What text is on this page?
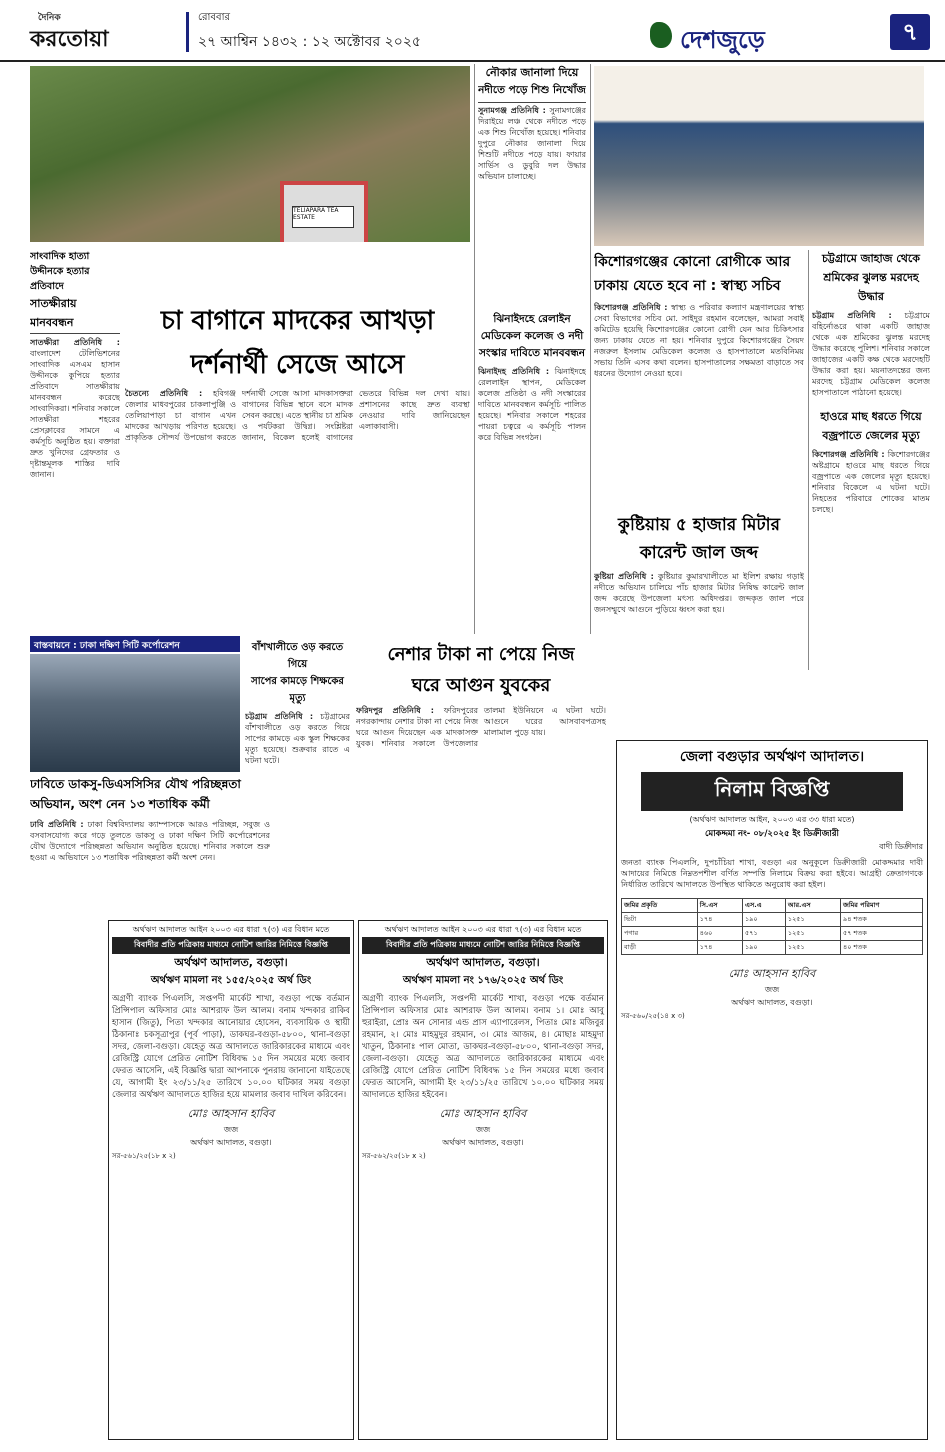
দৈনিক
করতোয়া
রোববার
২৭ আশ্বিন ১৪৩২ : ১২ অক্টোবর ২০২৫	দেশজুড়ে	৭
TELIAPARA TEA ESTATE
নৌকার জানালা দিয়ে
নদীতে পড়ে শিশু নিখোঁজ
সুনামগঞ্জ প্রতিনিধি : সুনামগঞ্জের দিরাইয়ে লঞ্চ থেকে নদীতে পড়ে এক শিশু নিখোঁজ হয়েছে। শনিবার দুপুরে নৌকার জানালা দিয়ে শিশুটি নদীতে পড়ে যায়। ফায়ার সার্ভিস ও ডুবুরি দল উদ্ধার অভিযান চালাচ্ছে।
কিশোরগঞ্জের কোনো রোগীকে আর
ঢাকায় যেতে হবে না : স্বাস্থ্য সচিব
কিশোরগঞ্জ প্রতিনিধি : স্বাস্থ্য ও পরিবার কল্যাণ মন্ত্রণালয়ের স্বাস্থ্য সেবা বিভাগের সচিব মো. সাইদুর রহমান বলেছেন, আমরা সবাই কমিটেড হয়েছি কিশোরগঞ্জের কোনো রোগী যেন আর চিকিৎসার জন্য ঢাকায় যেতে না হয়। শনিবার দুপুরে কিশোরগঞ্জের সৈয়দ নজরুল ইসলাম মেডিকেল কলেজ ও হাসপাতালে মতবিনিময় সভায় তিনি এসব কথা বলেন। হাসপাতালের সক্ষমতা বাড়াতে সব ধরনের উদ্যোগ নেওয়া হবে।
চট্টগ্রামে জাহাজ থেকে
শ্রমিকের ঝুলন্ত মরদেহ
উদ্ধার
চট্টগ্রাম প্রতিনিধি : চট্টগ্রামে বহির্নোঙরে থাকা একটি জাহাজ থেকে এক শ্রমিকের ঝুলন্ত মরদেহ উদ্ধার করেছে পুলিশ। শনিবার সকালে জাহাজের একটি কক্ষ থেকে মরদেহটি উদ্ধার করা হয়। ময়নাতদন্তের জন্য মরদেহ চট্টগ্রাম মেডিকেল কলেজ হাসপাতালে পাঠানো হয়েছে।
হাওরে মাছ ধরতে গিয়ে
বজ্রপাতে জেলের মৃত্যু
কিশোরগঞ্জ প্রতিনিধি : কিশোরগঞ্জের অষ্টগ্রামে হাওরে মাছ ধরতে গিয়ে বজ্রপাতে এক জেলের মৃত্যু হয়েছে। শনিবার বিকেলে এ ঘটনা ঘটে। নিহতের পরিবারে শোকের মাতম চলছে।
চা বাগানে মাদকের আখড়া
দর্শনার্থী সেজে আসে
সাংবাদিক হাত্যা উদ্দীনকে হত্যার প্রতিবাদে
সাতক্ষীরায় মানববন্ধন
সাতক্ষীরা প্রতিনিধি : বাংলাদেশ টেলিভিশনের সাংবাদিক এসএম হাসান উদ্দীনকে কুপিয়ে হত্যার প্রতিবাদে সাতক্ষীরায় মানববন্ধন করেছে সাংবাদিকরা। শনিবার সকালে সাতক্ষীরা শহরের প্রেসক্লাবের সামনে এ কর্মসূচি অনুষ্ঠিত হয়। বক্তারা দ্রুত খুনিদের গ্রেফতার ও দৃষ্টান্তমূলক শাস্তির দাবি জানান।
চৈতন্যে প্রতিনিধি : হবিগঞ্জ জেলার মাধবপুরের চাকলাপুঞ্জি ও তেলিয়াপাড়া চা বাগান এখন মাদকের আখড়ায় পরিণত হয়েছে। প্রাকৃতিক সৌন্দর্য উপভোগ করতে দর্শনার্থী সেজে আসা মাদকাসক্তরা বাগানের বিভিন্ন স্থানে বসে মাদক সেবন করছে। এতে স্থানীয় চা শ্রমিক ও পর্যটকরা উদ্বিগ্ন। সংশ্লিষ্টরা জানান, বিকেল হলেই বাগানের ভেতরে বিভিন্ন দল দেখা যায়। প্রশাসনের কাছে দ্রুত ব্যবস্থা নেওয়ার দাবি জানিয়েছেন এলাকাবাসী।
ঝিনাইদহে রেলাইন
মেডিকেল কলেজ ও নদী
সংস্কার দাবিতে মানববন্ধন
ঝিনাইদহ প্রতিনিধি : ঝিনাইদহে রেললাইন স্থাপন, মেডিকেল কলেজ প্রতিষ্ঠা ও নদী সংস্কারের দাবিতে মানববন্ধন কর্মসূচি পালিত হয়েছে। শনিবার সকালে শহরের পায়রা চত্বরে এ কর্মসূচি পালন করে বিভিন্ন সংগঠন।
কুষ্টিয়ায় ৫ হাজার মিটার
কারেন্ট জাল জব্দ
কুষ্টিয়া প্রতিনিধি : কুষ্টিয়ার কুমারখালীতে মা ইলিশ রক্ষায় গড়াই নদীতে অভিযান চালিয়ে পাঁচ হাজার মিটার নিষিদ্ধ কারেন্ট জাল জব্দ করেছে উপজেলা মৎস্য অধিদপ্তর। জব্দকৃত জাল পরে জনসম্মুখে আগুনে পুড়িয়ে ধ্বংস করা হয়।
বাস্তবায়নে : ঢাকা দক্ষিণ সিটি কর্পোরেশন	বাঁশখালীতে ওড় করতে গিয়ে
সাপের কামড়ে শিক্ষকের মৃত্যু
চট্টগ্রাম প্রতিনিধি : চট্টগ্রামের বাঁশখালীতে ওড় করতে গিয়ে সাপের কামড়ে এক স্কুল শিক্ষকের মৃত্যু হয়েছে। শুক্রবার রাতে এ ঘটনা ঘটে।
নেশার টাকা না পেয়ে নিজ
ঘরে আগুন যুবকের
ফরিদপুর প্রতিনিধি : ফরিদপুরের নগরকান্দায় নেশার টাকা না পেয়ে নিজ ঘরে আগুন দিয়েছেন এক মাদকাসক্ত যুবক। শনিবার সকালে উপজেলার তালমা ইউনিয়নে এ ঘটনা ঘটে। আগুনে ঘরের আসবাবপত্রসহ মালামাল পুড়ে যায়।
ঢাবিতে ডাকসু-ডিএসসিসির যৌথ পরিচ্ছন্নতা
অভিযান, অংশ নেন ১৩ শতাধিক কর্মী
ঢাবি প্রতিনিধি : ঢাকা বিশ্ববিদ্যালয় ক্যাম্পাসকে আরও পরিচ্ছন্ন, সবুজ ও বসবাসযোগ্য করে গড়ে তুলতে ডাকসু ও ঢাকা দক্ষিণ সিটি কর্পোরেশনের যৌথ উদ্যোগে পরিচ্ছন্নতা অভিযান অনুষ্ঠিত হয়েছে। শনিবার সকালে শুরু হওয়া এ অভিযানে ১৩ শতাধিক পরিচ্ছন্নতা কর্মী অংশ নেন।
অর্থঋণ আদালত আইন ২০০৩ এর ধারা ৭(৩) এর বিধান মতে
বিবাদীর প্রতি পত্রিকায় মাধ্যমে নোটিশ জারির নিমিত্তে বিজ্ঞপ্তি
অর্থঋণ আদালত, বগুড়া।
অর্থঋণ মামলা নং ১৫৫/২০২৫ অর্থ ডিং
অগ্রণী ব্যাংক পিএলসি, সপ্তপদী মার্কেট শাখা, বগুড়া পক্ষে বর্তমান প্রিন্সিপাল অফিসার মোঃ আশরাফ উল আলম। বনাম খন্দকার রাকিব হাসান (জিতু), পিতা খন্দকার আনোয়ার হোসেন, ব্যবসায়িক ও স্থায়ী ঠিকানাঃ চকসূত্রাপুর (পূর্ব পাড়া), ডাকঘর-বগুড়া-৫৮০০, থানা-বগুড়া সদর, জেলা-বগুড়া। যেহেতু অত্র আদালতে জারিকারকের মাধ্যমে এবং রেজিস্ট্রি যোগে প্রেরিত নোটিশ বিধিবদ্ধ ১৫ দিন সময়ের মধ্যে জবাব ফেরত আসেনি, এই বিজ্ঞপ্তি দ্বারা আপনাকে পুনরায় জানানো যাইতেছে যে, আগামী ইং ২৩/১১/২৫ তারিখে ১০.০০ ঘটিকার সময় বগুড়া জেলার অর্থঋণ আদালতে হাজির হয়ে মামলার জবাব দাখিল করিবেন।
মোঃ আহসান হাবিব
জজ
অর্থঋণ আদালত, বগুড়া।
সর-৫৬১/২৫(১৮ x ২)
অর্থঋণ আদালত আইন ২০০৩ এর ধারা ৭(৩) এর বিধান মতে
বিবাদীর প্রতি পত্রিকায় মাধ্যমে নোটিশ জারির নিমিত্তে বিজ্ঞপ্তি
অর্থঋণ আদালত, বগুড়া।
অর্থঋণ মামলা নং ১৭৬/২০২৫ অর্থ ডিং
অগ্রণী ব্যাংক পিএলসি, সপ্তপদী মার্কেট শাখা, বগুড়া পক্ষে বর্তমান প্রিন্সিপাল অফিসার মোঃ আশরাফ উল আলম। বনাম ১। মোঃ আবু হুরাইরা, প্রোঃ অন সোনার এন্ড প্রাস এ্যাপারেলস, পিতাঃ মোঃ মজিবুর রহমান, ২। মোঃ মাহমুদুর রহমান, ৩। মোঃ আজম, ৪। মোছাঃ মাহমুদা খাতুন, ঠিকানাঃ পাল মোতা, ডাকঘর-বগুড়া-৫৮০০, থানা-বগুড়া সদর, জেলা-বগুড়া। যেহেতু অত্র আদালতে জারিকারকের মাধ্যমে এবং রেজিস্ট্রি যোগে প্রেরিত নোটিশ বিধিবদ্ধ ১৫ দিন সময়ের মধ্যে জবাব ফেরত আসেনি, আগামী ইং ২৩/১১/২৫ তারিখে ১০.০০ ঘটিকার সময় আদালতে হাজির হইবেন।
মোঃ আহসান হাবিব
জজ
অর্থঋণ আদালত, বগুড়া।
সর-৫৬২/২৫(১৮ x ২)
জেলা বগুড়ার অর্থঋণ আদালত।
নিলাম বিজ্ঞপ্তি
(অর্থঋণ আদালত আইন, ২০০৩ এর ৩৩ ধারা মতে)
মোকদ্দমা নং- ০৮/২০২৫ ইং ডিক্রীজারী
বাদী ডিক্রীদার
জনতা ব্যাংক পিএলসি, দুপচাঁচিয়া শাখা, বগুড়া এর অনুকূলে ডিক্রীজারী মোকদ্দমার দাবী আদায়ের নিমিত্তে নিম্নতপশীল বর্ণিত সম্পত্তি নিলামে বিক্রয় করা হইবে। আগ্রহী ক্রেতাগণকে নির্ধারিত তারিখে আদালতে উপস্থিত থাকিতে অনুরোধ করা হইল।
জমির প্রকৃতি	সি.এস	এস.এ	আর.এস	জমির পরিমাণ
ভিটা	১৭৪	১৯০	১২৫১	৯৪ শতক
পগার	৪৬০	৫৭১	১২৫১	৫৭ শতক
বাড়ী	১৭৪	১৯০	১২৫১	৪০ শতক
মোঃ আহসান হাবিব
জজ
অর্থঋণ আদালত, বগুড়া।
সর-৫৬০/২৫(১৪ x ৩)
